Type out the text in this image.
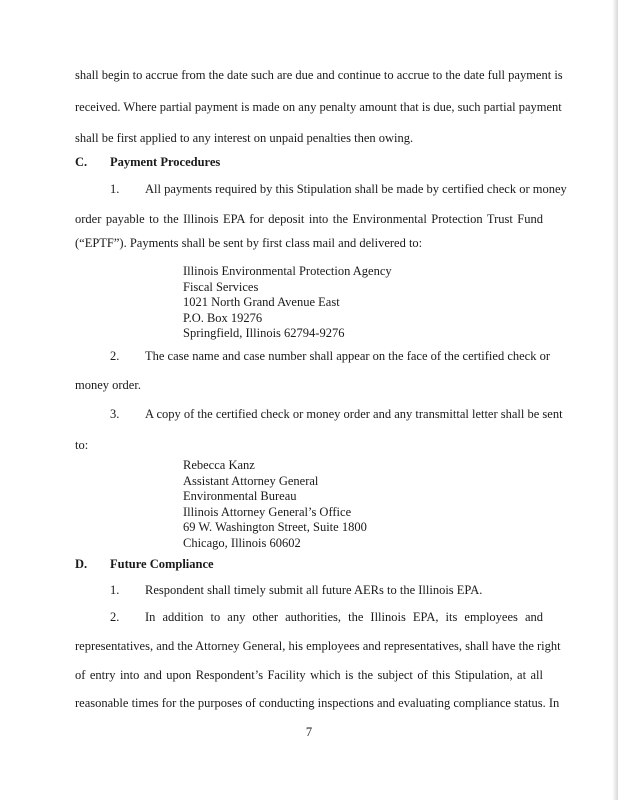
shall begin to accrue from the date such are due and continue to accrue to the date full payment is
received. Where partial payment is made on any penalty amount that is due, such partial payment
shall be first applied to any interest on unpaid penalties then owing.
C. Payment Procedures
1. All payments required by this Stipulation shall be made by certified check or money
order payable to the Illinois EPA for deposit into the Environmental Protection Trust Fund
(“EPTF”). Payments shall be sent by first class mail and delivered to:
Illinois Environmental Protection Agency
Fiscal Services
1021 North Grand Avenue East
P.O. Box 19276
Springfield, Illinois 62794-9276
2. The case name and case number shall appear on the face of the certified check or
money order.
3. A copy of the certified check or money order and any transmittal letter shall be sent
to:
Rebecca Kanz
Assistant Attorney General
Environmental Bureau
Illinois Attorney General’s Office
69 W. Washington Street, Suite 1800
Chicago, Illinois 60602
D. Future Compliance
1. Respondent shall timely submit all future AERs to the Illinois EPA.
2. In addition to any other authorities, the Illinois EPA, its employees and
representatives, and the Attorney General, his employees and representatives, shall have the right
of entry into and upon Respondent’s Facility which is the subject of this Stipulation, at all
reasonable times for the purposes of conducting inspections and evaluating compliance status. In
7
